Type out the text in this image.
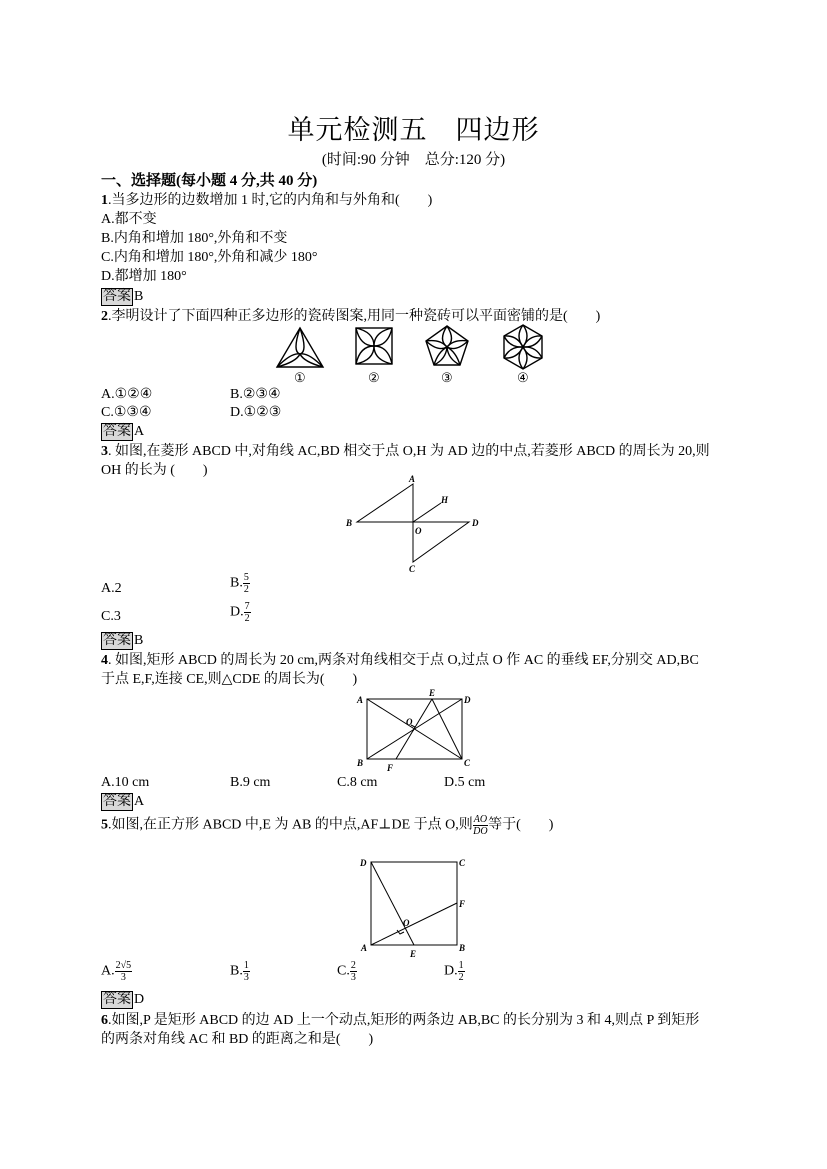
单元检测五 四边形
(时间:90 分钟　总分:120 分)
一、选择题(每小题 4 分,共 40 分)
1.当多边形的边数增加 1 时,它的内角和与外角和(　　)
A.都不变
B.内角和增加 180°,外角和不变
C.内角和增加 180°,外角和减少 180°
D.都增加 180°
答案 B
2.李明设计了下面四种正多边形的瓷砖图案,用同一种瓷砖可以平面密铺的是(　　)
①	②	③	④
A.①②④	B.②③④
C.①③④	D.①②③
答案 A
3. 如图,在菱形 ABCD 中,对角线 AC,BD 相交于点 O,H 为 AD 边的中点,若菱形 ABCD 的周长为 20,则
OH 的长为 (　　)
A
B
C
D
H
O
A.2	B. $\frac{5}{2}$
C.3	D. $\frac{7}{2}$
答案 B
4. 如图,矩形 ABCD 的周长为 20 cm,两条对角线相交于点 O,过点 O 作 AC 的垂线 EF,分别交 AD,BC
于点 E,F,连接 CE,则△CDE 的周长为(　　)
A
E
D
O
B	F	C
A.10 cm	B.9 cm	C.8 cm	D.5 cm
答案 A
5.如图,在正方形 ABCD 中,E 为 AB 的中点,AF⊥DE 于点 O,则 $\frac{AO}{DO}$ 等于(　　)
D	C
F
O
A
E
B
A. $\frac{2√5}{3}$	B. $\frac{1}{3}$	C. $\frac{2}{3}$	D. $\frac{1}{2}$
答案 D
6.如图,P 是矩形 ABCD 的边 AD 上一个动点,矩形的两条边 AB,BC 的长分别为 3 和 4,则点 P 到矩形
的两条对角线 AC 和 BD 的距离之和是(　　)
